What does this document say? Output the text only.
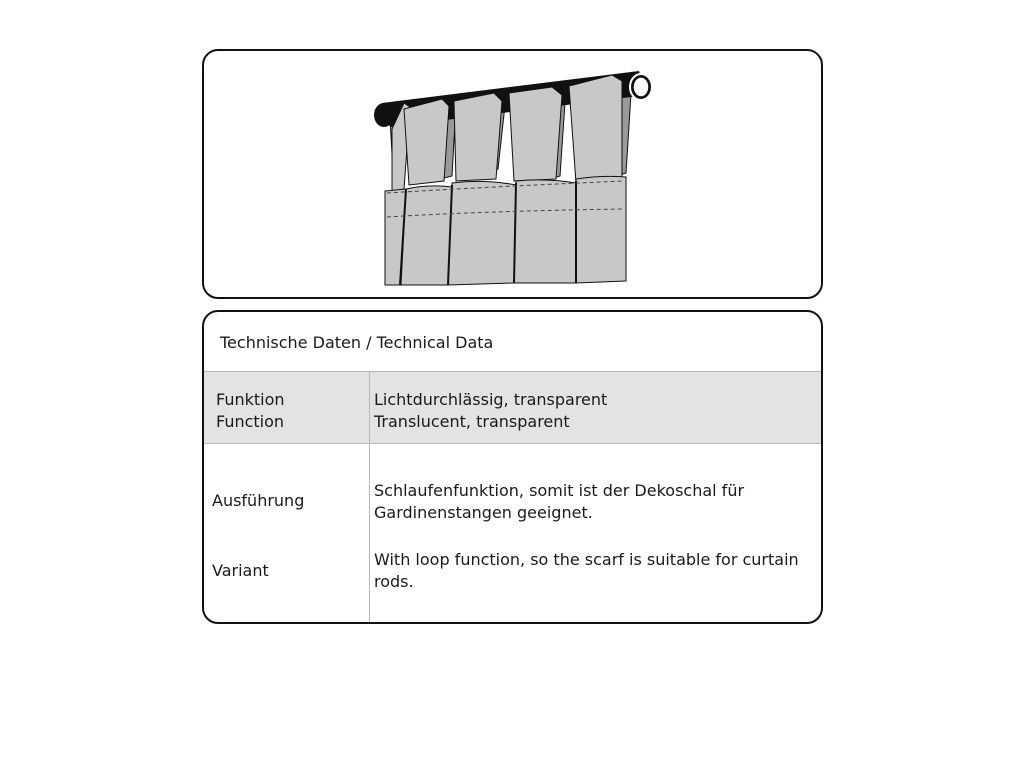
Technische Daten / Technical Data
Funktion
Function
Lichtdurchlässig, transparent
Translucent, transparent
Ausführung
Variant
Schlaufenfunktion, somit ist der Dekoschal für Gardinenstangen geeignet.
With loop function, so the scarf is suitable for curtain rods.
